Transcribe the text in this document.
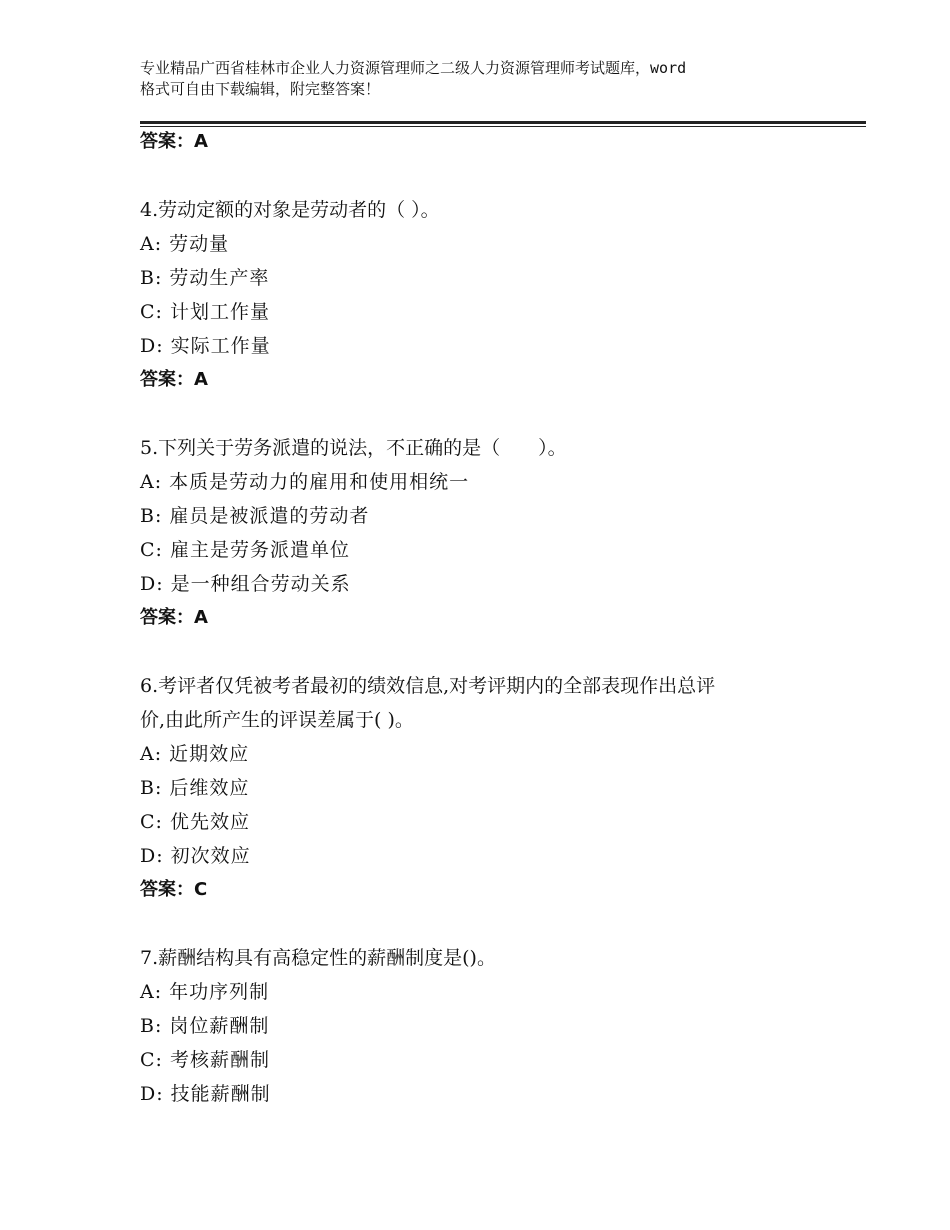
专业精品广西省桂林市企业人力资源管理师之二级人力资源管理师考试题库，word
格式可自由下载编辑，附完整答案！
答案：A
4.劳动定额的对象是劳动者的（ ）。
A: 劳动量
B: 劳动生产率
C: 计划工作量
D: 实际工作量
答案：A
5.下列关于劳务派遣的说法，不正确的是（　　）。
A: 本质是劳动力的雇用和使用相统一
B: 雇员是被派遣的劳动者
C: 雇主是劳务派遣单位
D: 是一种组合劳动关系
答案：A
6.考评者仅凭被考者最初的绩效信息,对考评期内的全部表现作出总评
价,由此所产生的评误差属于( )。
A: 近期效应
B: 后维效应
C: 优先效应
D: 初次效应
答案：C
7.薪酬结构具有高稳定性的薪酬制度是()。
A: 年功序列制
B: 岗位薪酬制
C: 考核薪酬制
D: 技能薪酬制
